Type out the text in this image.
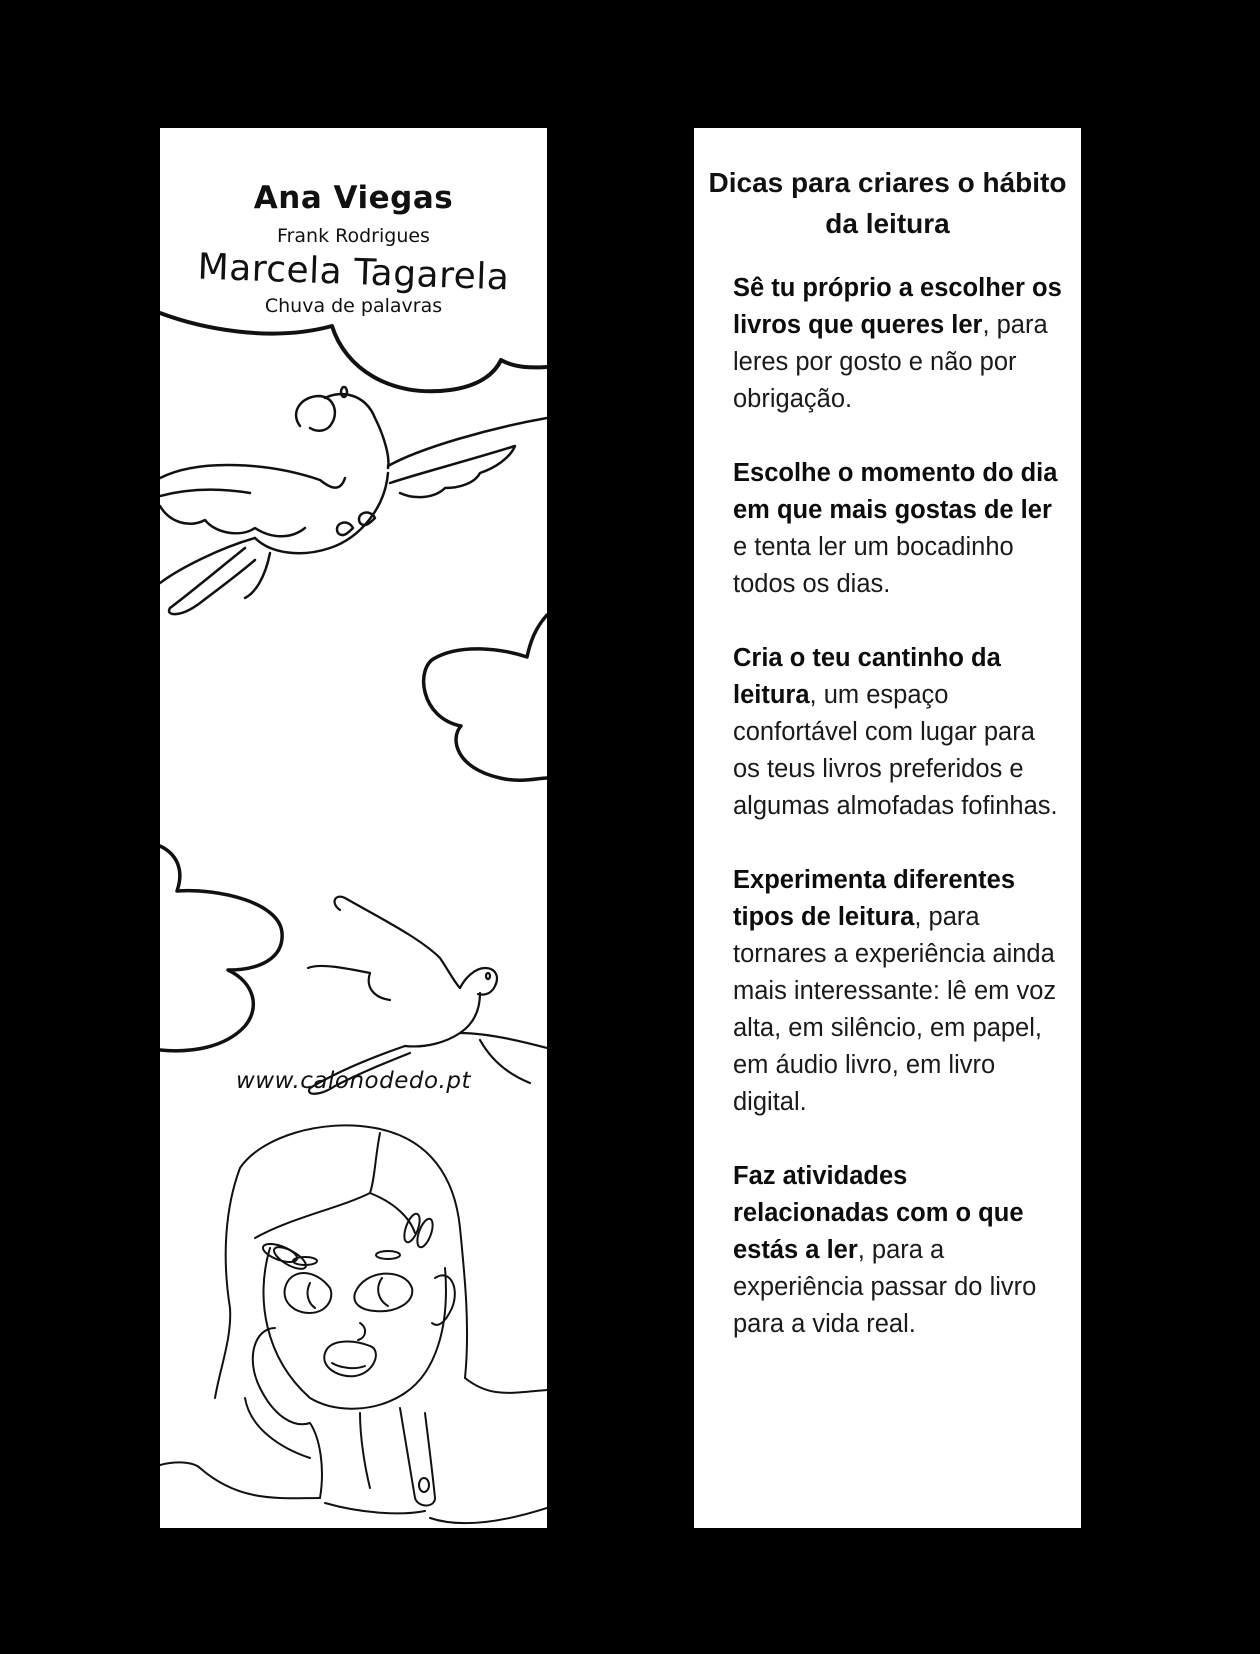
Ana Viegas
Frank Rodrigues
Marcela Tagarela
Chuva de palavras
www.calonodedo.pt
Dicas para criares o hábito da leitura

Sê tu próprio a escolher os livros que queres ler, para leres por gosto e não por obrigação.

Escolhe o momento do dia em que mais gostas de ler e tenta ler um bocadinho todos os dias.

Cria o teu cantinho da leitura, um espaço confortável com lugar para os teus livros preferidos e algumas almofadas fofinhas.

Experimenta diferentes tipos de leitura, para tornares a experiência ainda mais interessante: lê em voz alta, em silêncio, em papel, em áudio livro, em livro digital.

Faz atividades relacionadas com o que estás a ler, para a experiência passar do livro para a vida real.
